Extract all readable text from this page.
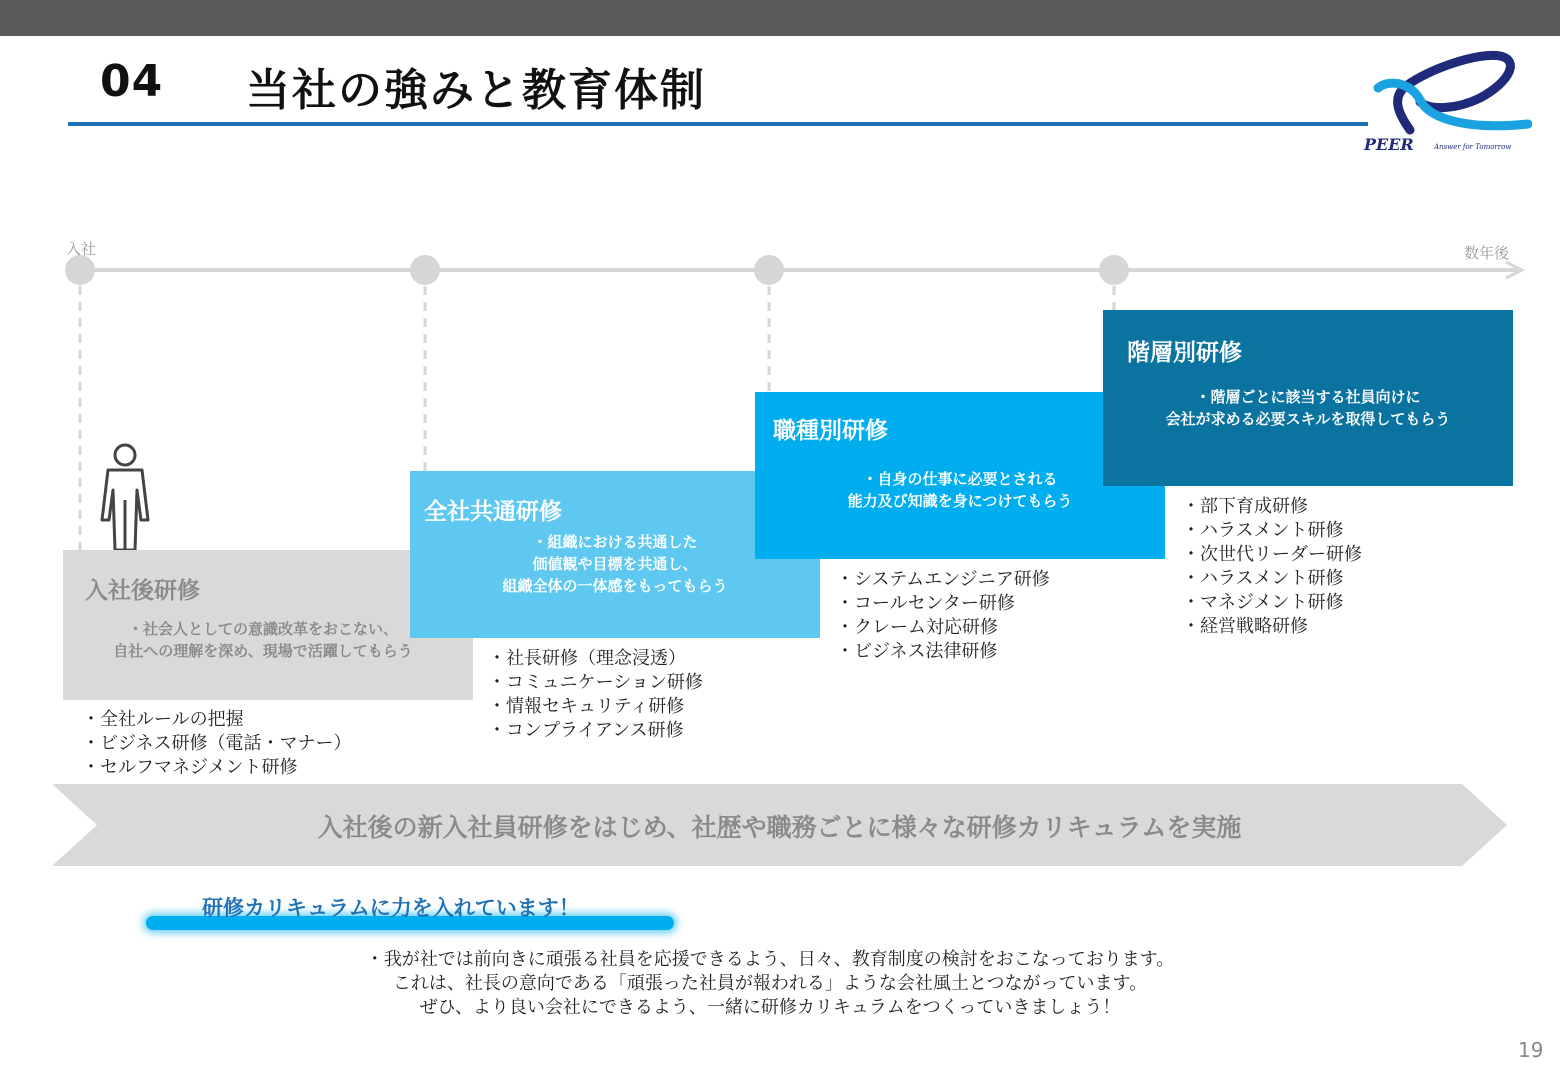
04 当社の強みと教育体制
PEER	Answer for Tomorrow
入社	数年後
入社後研修
・社会人としての意識改革をおこない、
自社への理解を深め、現場で活躍してもらう
・全社ルールの把握
・ビジネス研修（電話・マナー）
・セルフマネジメント研修
全社共通研修
・組織における共通した
価値観や目標を共通し、
組織全体の一体感をもってもらう
・社長研修（理念浸透）
・コミュニケーション研修
・情報セキュリティ研修
・コンプライアンス研修
職種別研修
・自身の仕事に必要とされる
能力及び知識を身につけてもらう
・システムエンジニア研修
・コールセンター研修
・クレーム対応研修
・ビジネス法律研修
階層別研修
・階層ごとに該当する社員向けに
会社が求める必要スキルを取得してもらう
・部下育成研修
・ハラスメント研修
・次世代リーダー研修
・ハラスメント研修
・マネジメント研修
・経営戦略研修
入社後の新入社員研修をはじめ、社歴や職務ごとに様々な研修カリキュラムを実施
研修カリキュラムに力を入れています！
・我が社では前向きに頑張る社員を応援できるよう、日々、教育制度の検討をおこなっております。
これは、社長の意向である「頑張った社員が報われる」ような会社風土とつながっています。
ぜひ、より良い会社にできるよう、一緒に研修カリキュラムをつくっていきましょう！
19
